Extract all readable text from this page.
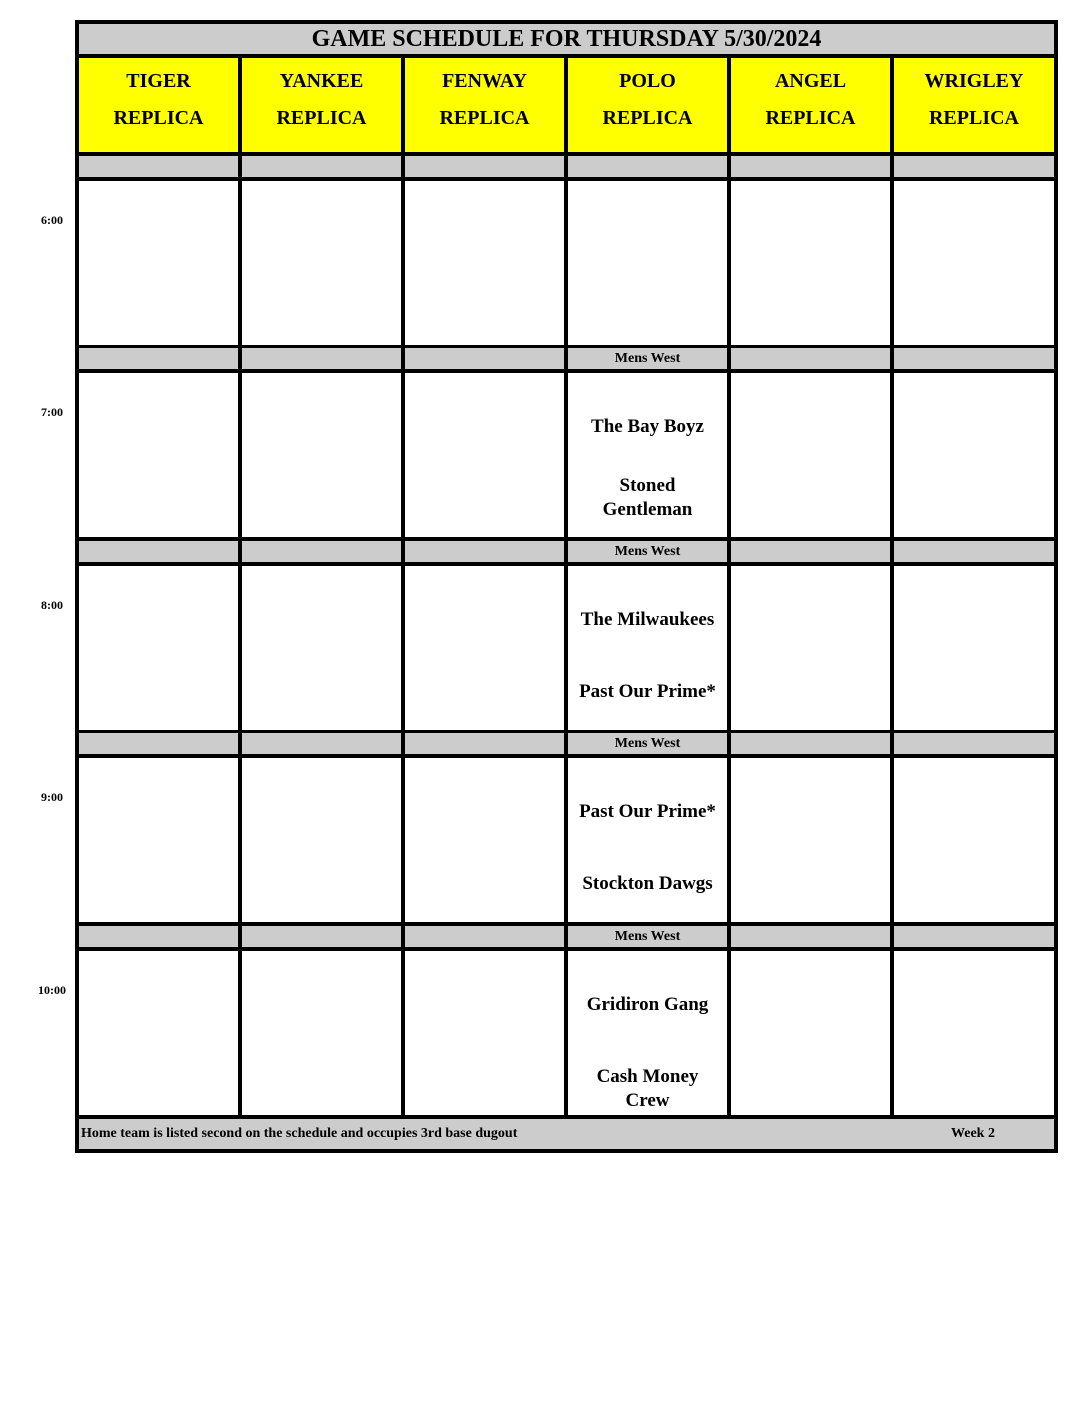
GAME SCHEDULE FOR THURSDAY 5/30/2024
Home team is listed second on the schedule and occupies 3rd base dugout	Week 2
TIGER
REPLICA
YANKEE
REPLICA
FENWAY
REPLICA
POLO
REPLICA
ANGEL
REPLICA
WRIGLEY
REPLICA
Mens West
The Bay Boyz
Stoned Gentleman
Mens West
The Milwaukees
Past Our Prime*
Mens West
Past Our Prime*
Stockton Dawgs
Mens West
Gridiron Gang
Cash Money Crew
6:00
7:00
8:00
9:00
10:00
